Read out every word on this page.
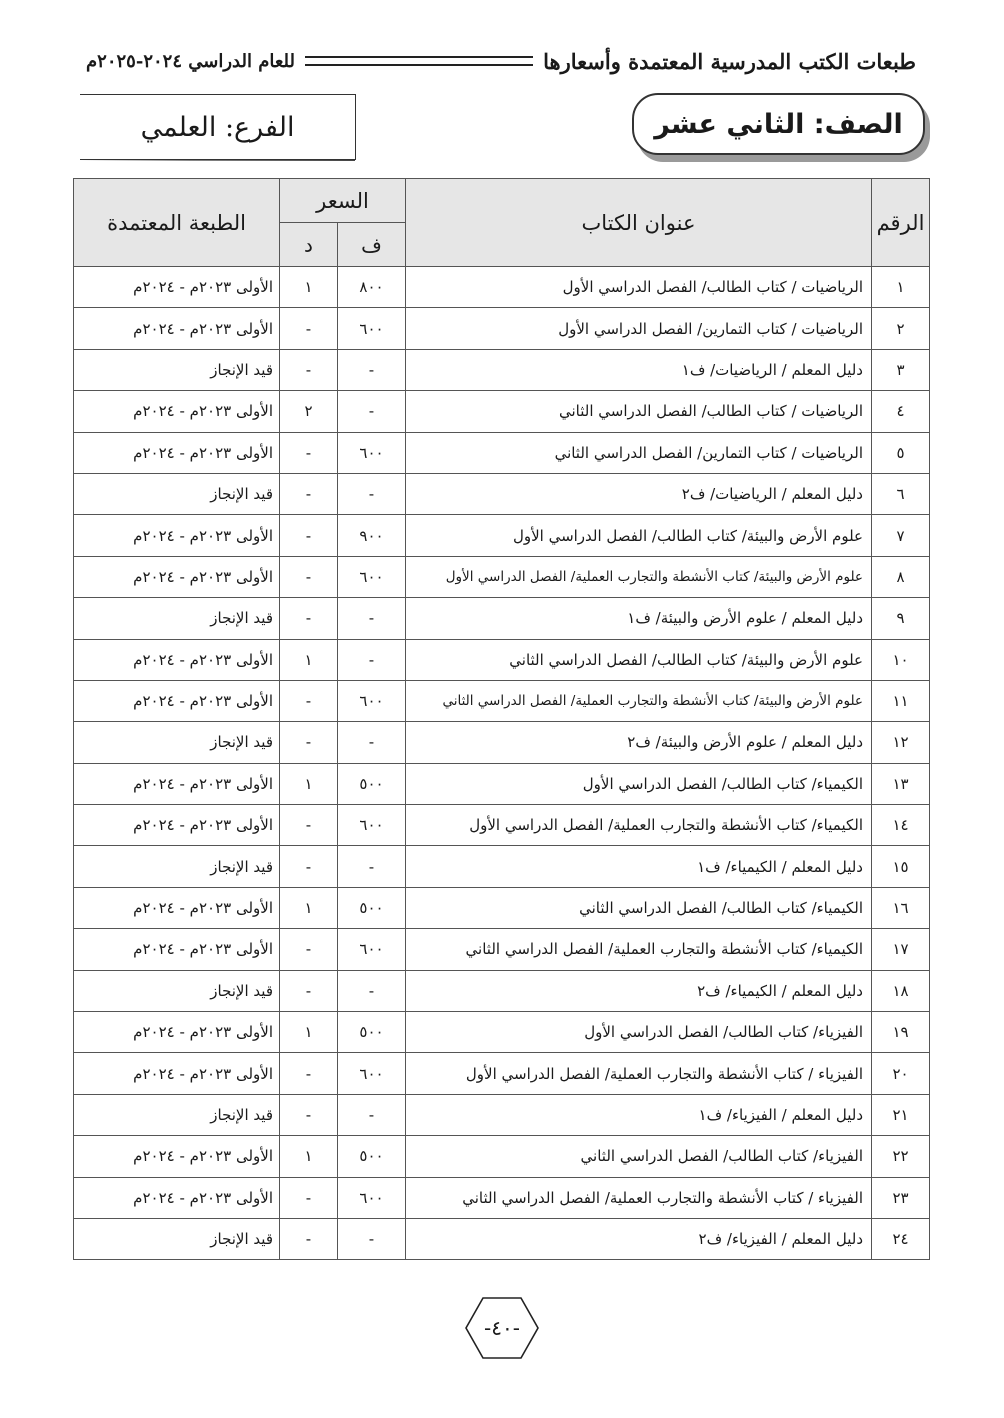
طبعات الكتب المدرسية المعتمدة وأسعارها
للعام الدراسي ٢٠٢٤-٢٠٢٥م
الصف: الثاني عشر
الفرع: العلمي
الرقم	عنوان الكتاب	السعر		الطبعة المعتمدة
		ف	د	
١	الرياضيات / كتاب الطالب/ الفصل الدراسي الأول	٨٠٠	١	الأولى ٢٠٢٣م - ٢٠٢٤م
٢	الرياضيات / كتاب التمارين/ الفصل الدراسي الأول	٦٠٠	-	الأولى ٢٠٢٣م - ٢٠٢٤م
٣	دليل المعلم / الرياضيات/ ف١	-	-	قيد الإنجاز
٤	الرياضيات / كتاب الطالب/ الفصل الدراسي الثاني	-	٢	الأولى ٢٠٢٣م - ٢٠٢٤م
٥	الرياضيات / كتاب التمارين/ الفصل الدراسي الثاني	٦٠٠	-	الأولى ٢٠٢٣م - ٢٠٢٤م
٦	دليل المعلم / الرياضيات/ ف٢	-	-	قيد الإنجاز
٧	علوم الأرض والبيئة/ كتاب الطالب/ الفصل الدراسي الأول	٩٠٠	-	الأولى ٢٠٢٣م - ٢٠٢٤م
٨	علوم الأرض والبيئة/ كتاب الأنشطة والتجارب العملية/ الفصل الدراسي الأول	٦٠٠	-	الأولى ٢٠٢٣م - ٢٠٢٤م
٩	دليل المعلم / علوم الأرض والبيئة/ ف١	-	-	قيد الإنجاز
١٠	علوم الأرض والبيئة/ كتاب الطالب/ الفصل الدراسي الثاني	-	١	الأولى ٢٠٢٣م - ٢٠٢٤م
١١	علوم الأرض والبيئة/ كتاب الأنشطة والتجارب العملية/ الفصل الدراسي الثاني	٦٠٠	-	الأولى ٢٠٢٣م - ٢٠٢٤م
١٢	دليل المعلم / علوم الأرض والبيئة/ ف٢	-	-	قيد الإنجاز
١٣	الكيمياء/ كتاب الطالب/ الفصل الدراسي الأول	٥٠٠	١	الأولى ٢٠٢٣م - ٢٠٢٤م
١٤	الكيمياء/ كتاب الأنشطة والتجارب العملية/ الفصل الدراسي الأول	٦٠٠	-	الأولى ٢٠٢٣م - ٢٠٢٤م
١٥	دليل المعلم / الكيمياء/ ف١	-	-	قيد الإنجاز
١٦	الكيمياء/ كتاب الطالب/ الفصل الدراسي الثاني	٥٠٠	١	الأولى ٢٠٢٣م - ٢٠٢٤م
١٧	الكيمياء/ كتاب الأنشطة والتجارب العملية/ الفصل الدراسي الثاني	٦٠٠	-	الأولى ٢٠٢٣م - ٢٠٢٤م
١٨	دليل المعلم / الكيمياء/ ف٢	-	-	قيد الإنجاز
١٩	الفيزياء/ كتاب الطالب/ الفصل الدراسي الأول	٥٠٠	١	الأولى ٢٠٢٣م - ٢٠٢٤م
٢٠	الفيزياء / كتاب الأنشطة والتجارب العملية/ الفصل الدراسي الأول	٦٠٠	-	الأولى ٢٠٢٣م - ٢٠٢٤م
٢١	دليل المعلم / الفيزياء/ ف١	-	-	قيد الإنجاز
٢٢	الفيزياء/ كتاب الطالب/ الفصل الدراسي الثاني	٥٠٠	١	الأولى ٢٠٢٣م - ٢٠٢٤م
٢٣	الفيزياء / كتاب الأنشطة والتجارب العملية/ الفصل الدراسي الثاني	٦٠٠	-	الأولى ٢٠٢٣م - ٢٠٢٤م
٢٤	دليل المعلم / الفيزياء/ ف٢	-	-	قيد الإنجاز
-٤٠-
